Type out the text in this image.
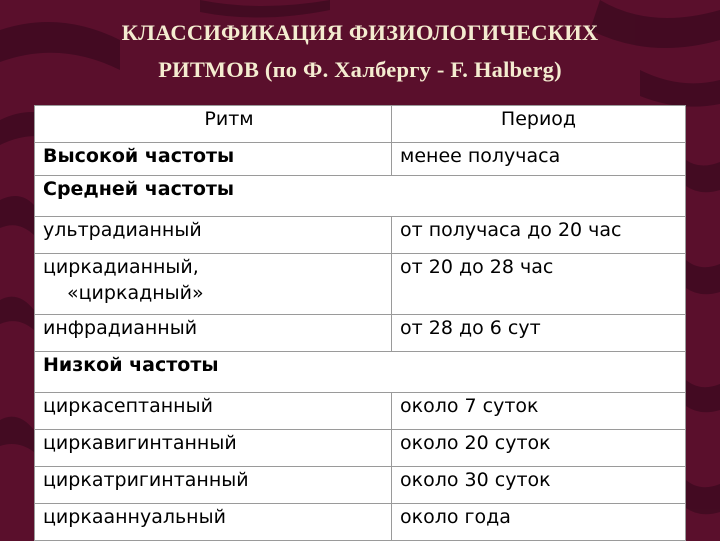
КЛАССИФИКАЦИЯ ФИЗИОЛОГИЧЕСКИХ
РИТМОВ (по Ф. Халбергу - F. Halberg)
Ритм	Период
Высокой частоты	менее получаса
Средней частоты	
ультрадианный	от получаса до 20 час
циркадианный,
«циркадный»	от 20 до 28 час
инфрадианный	от 28 до 6 сут
Низкой частоты	
циркасептанный	около 7 суток
циркавигинтанный	около 20 суток
циркатригинтанный	около 30 суток
циркааннуальный	около года
